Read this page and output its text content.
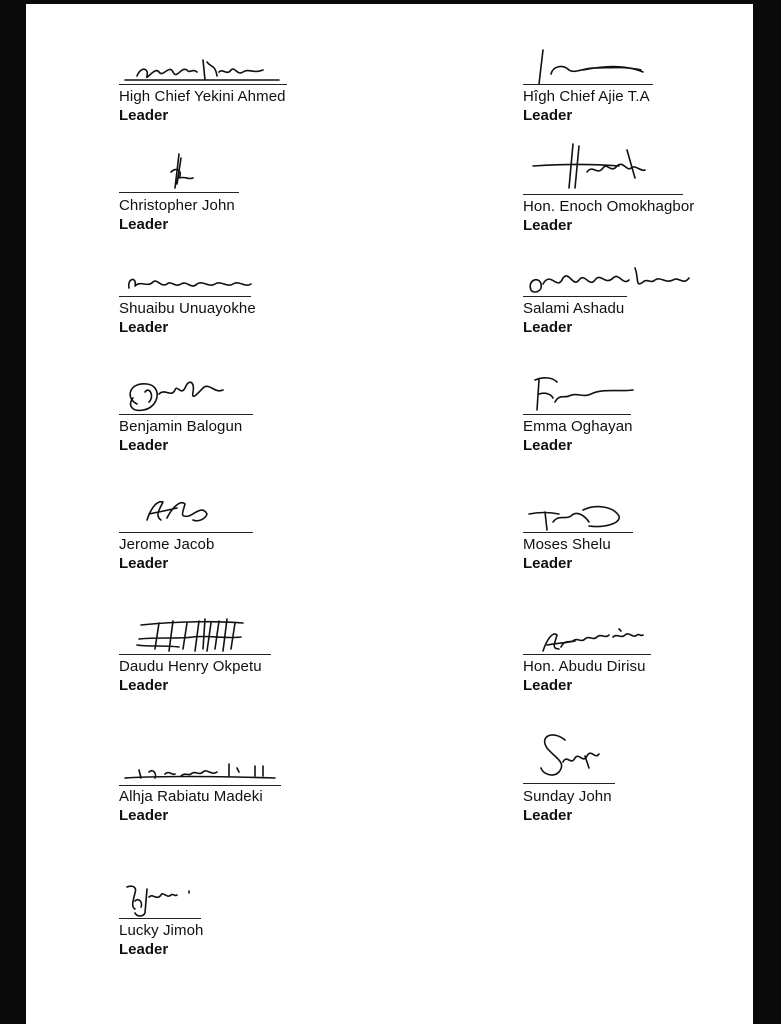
High Chief Yekini Ahmed
Leader
Hîgh Chief Ajie T.A
Leader
Christopher John
Leader
Hon. Enoch Omokhagbor
Leader
Shuaibu Unuayokhe
Leader
Salami Ashadu
Leader
Benjamin Balogun
Leader
Emma Oghayan
Leader
Jerome Jacob
Leader
Moses Shelu
Leader
Daudu Henry Okpetu
Leader
Hon. Abudu Dirisu
Leader
Alhja Rabiatu Madeki
Leader
Sunday John
Leader
Lucky Jimoh
Leader
